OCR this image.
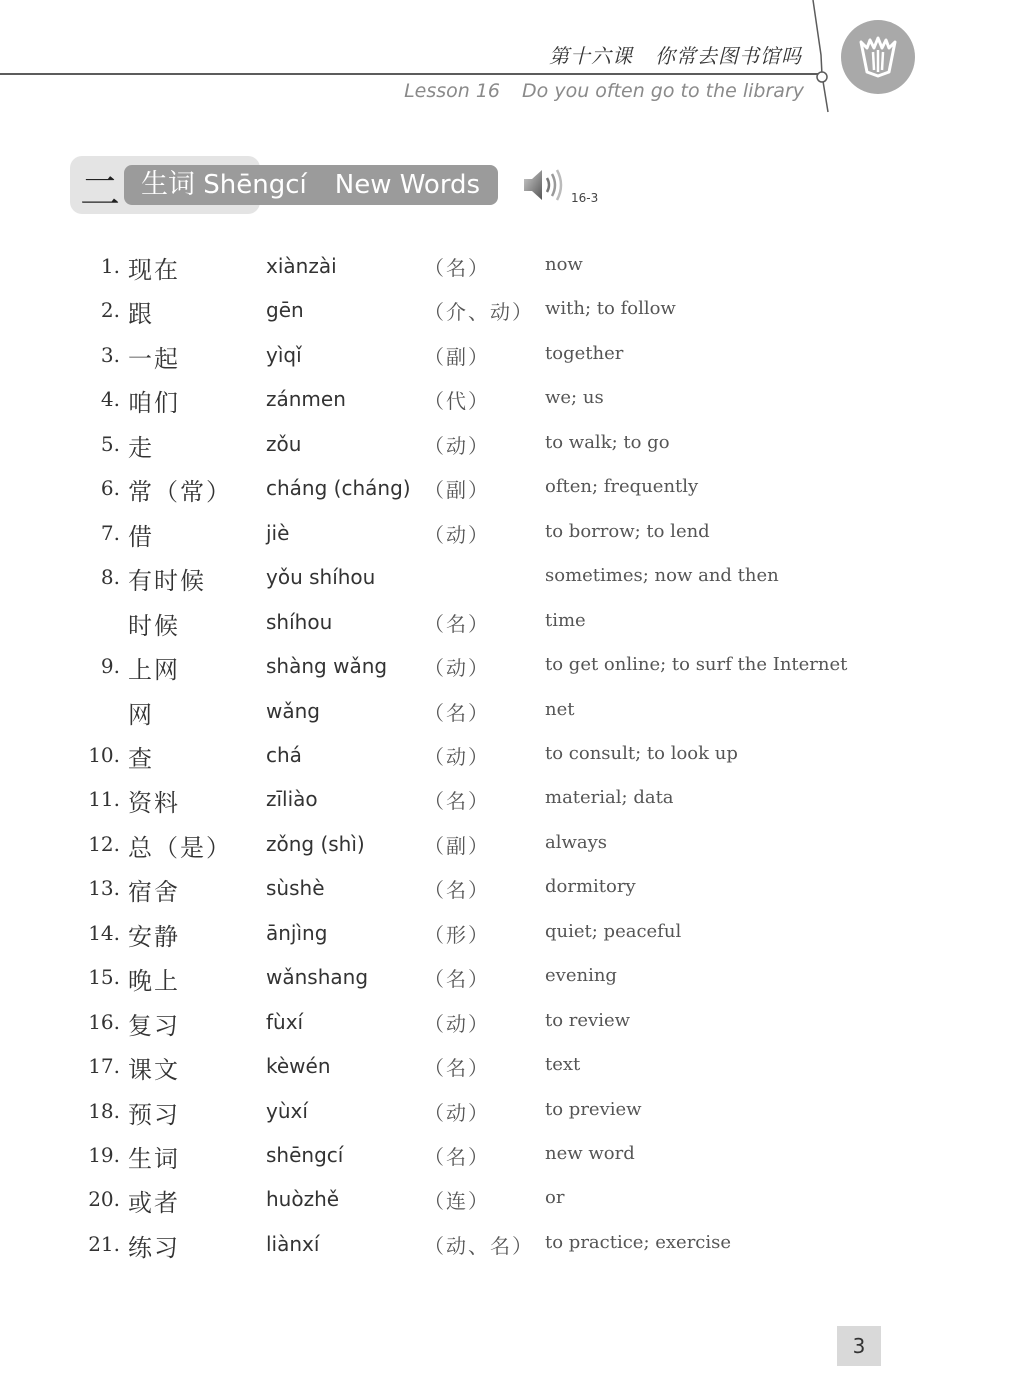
第十六课 你常去图书馆吗
Lesson 16 Do you often go to the library
二 生词 Shēngcí New Words	16-3
1. 现在	xiànzài	（名）	now
2. 跟	gēn	（介、动） with; to follow
3. 一起	yìqǐ	（副）	together
4. 咱们	zánmen	（代）	we; us
5. 走	zǒu	（动）	to walk; to go
6. 常（常） cháng (cháng) （副）	often; frequently
7. 借	jiè	（动）	to borrow; to lend
8. 有时候	yǒu shíhou	sometimes; now and then
时候	shíhou	（名）	time
9. 上网	shàng wǎng （动）	to get online; to surf the Internet
网	wǎng	（名）	net
10. 查	chá	（动）	to consult; to look up
11. 资料	zīliào	（名）	material; data
12. 总（是） zǒng (shì)	（副）	always
13. 宿舍	sùshè	（名）	dormitory
14. 安静	ānjìng	（形）	quiet; peaceful
15. 晚上	wǎnshang	（名）	evening
16. 复习	fùxí	（动）	to review
17. 课文	kèwén	（名）	text
18. 预习	yùxí	（动）	to preview
19. 生词	shēngcí	（名）	new word
20. 或者	huòzhě	（连）	or
21. 练习	liànxí	（动、名） to practice; exercise
3
